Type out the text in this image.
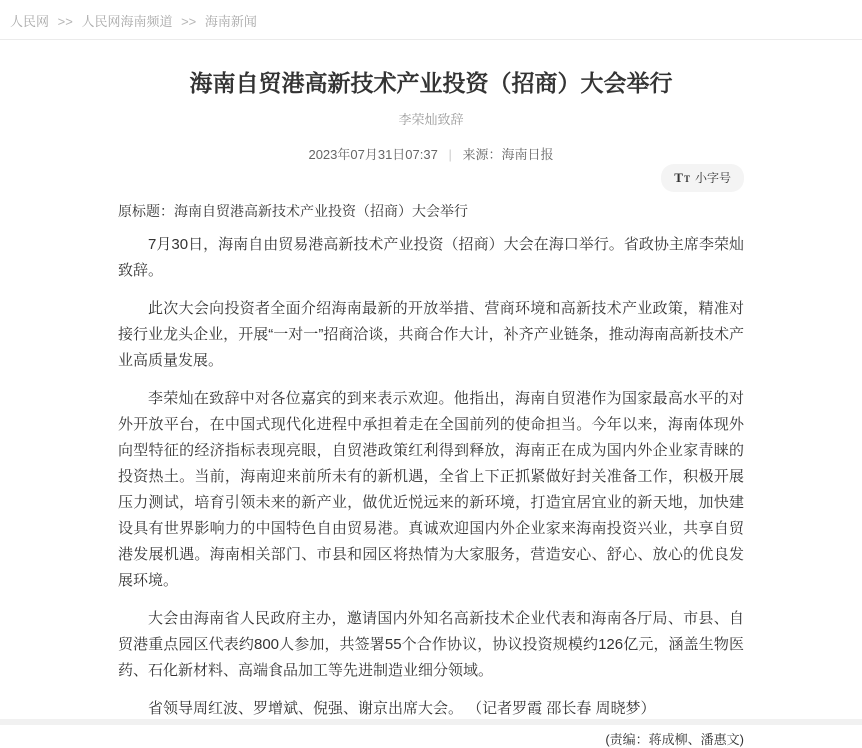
人民网 >> 人民网海南频道 >> 海南新闻
海南自贸港高新技术产业投资（招商）大会举行
李荣灿致辞
2023年07月31日07:37 | 来源：海南日报
T T 小字号
原标题：海南自贸港高新技术产业投资（招商）大会举行

7月30日，海南自由贸易港高新技术产业投资（招商）大会在海口举行。省政协主席李荣灿致辞。

此次大会向投资者全面介绍海南最新的开放举措、营商环境和高新技术产业政策，精准对接行业龙头企业，开展“一对一”招商洽谈，共商合作大计，补齐产业链条，推动海南高新技术产业高质量发展。

李荣灿在致辞中对各位嘉宾的到来表示欢迎。他指出，海南自贸港作为国家最高水平的对外开放平台，在中国式现代化进程中承担着走在全国前列的使命担当。今年以来，海南体现外向型特征的经济指标表现亮眼，自贸港政策红利得到释放，海南正在成为国内外企业家青睐的投资热土。当前，海南迎来前所未有的新机遇，全省上下正抓紧做好封关准备工作，积极开展压力测试，培育引领未来的新产业，做优近悦远来的新环境，打造宜居宜业的新天地，加快建设具有世界影响力的中国特色自由贸易港。真诚欢迎国内外企业家来海南投资兴业，共享自贸港发展机遇。海南相关部门、市县和园区将热情为大家服务，营造安心、舒心、放心的优良发展环境。

大会由海南省人民政府主办，邀请国内外知名高新技术企业代表和海南各厅局、市县、自贸港重点园区代表约800人参加，共签署55个合作协议，协议投资规模约126亿元，涵盖生物医药、石化新材料、高端食品加工等先进制造业细分领域。

省领导周红波、罗增斌、倪强、谢京出席大会。 （记者罗霞 邵长春 周晓梦）

(责编：蒋成柳、潘惠文)
